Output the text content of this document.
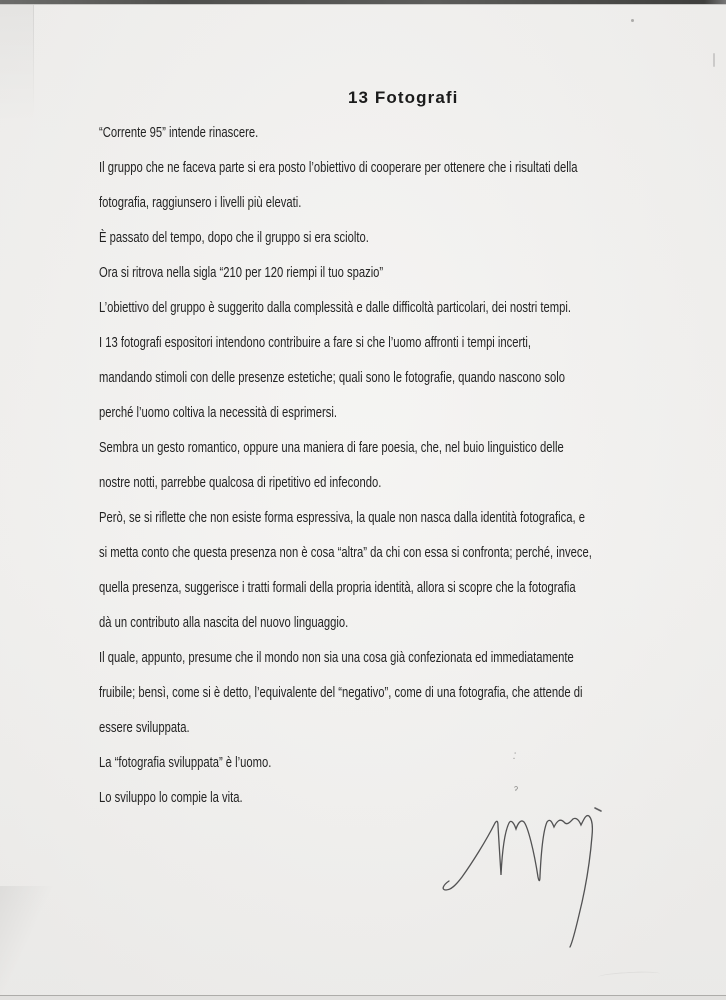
13 Fotografi
“Corrente 95” intende rinascere.
Il gruppo che ne faceva parte si era posto l’obiettivo di cooperare per ottenere che i risultati della
fotografia, raggiunsero i livelli più elevati.
È passato del tempo, dopo che il gruppo si era sciolto.
Ora si ritrova nella sigla “210 per 120 riempi il tuo spazio”
L’obiettivo del gruppo è suggerito dalla complessità e dalle difficoltà particolari, dei nostri tempi.
I 13 fotografi espositori intendono contribuire a fare si che l’uomo affronti i tempi incerti,
mandando stimoli con delle presenze estetiche; quali sono le fotografie, quando nascono solo
perché l’uomo coltiva la necessità di esprimersi.
Sembra un gesto romantico, oppure una maniera di fare poesia, che, nel buio linguistico delle
nostre notti, parrebbe qualcosa di ripetitivo ed infecondo.
Però, se si riflette che non esiste forma espressiva, la quale non nasca dalla identità fotografica, e
si metta conto che questa presenza non è cosa “altra” da chi con essa si confronta; perché, invece,
quella presenza, suggerisce i tratti formali della propria identità, allora si scopre che la fotografia
dà un contributo alla nascita del nuovo linguaggio.
Il quale, appunto, presume che il mondo non sia una cosa già confezionata ed immediatamente
fruibile; bensì, come si è detto, l’equivalente del “negativo”, come di una fotografia, che attende di
essere sviluppata.
La “fotografia sviluppata” è l’uomo.
Lo sviluppo lo compie la vita.
⁚
ɂ
